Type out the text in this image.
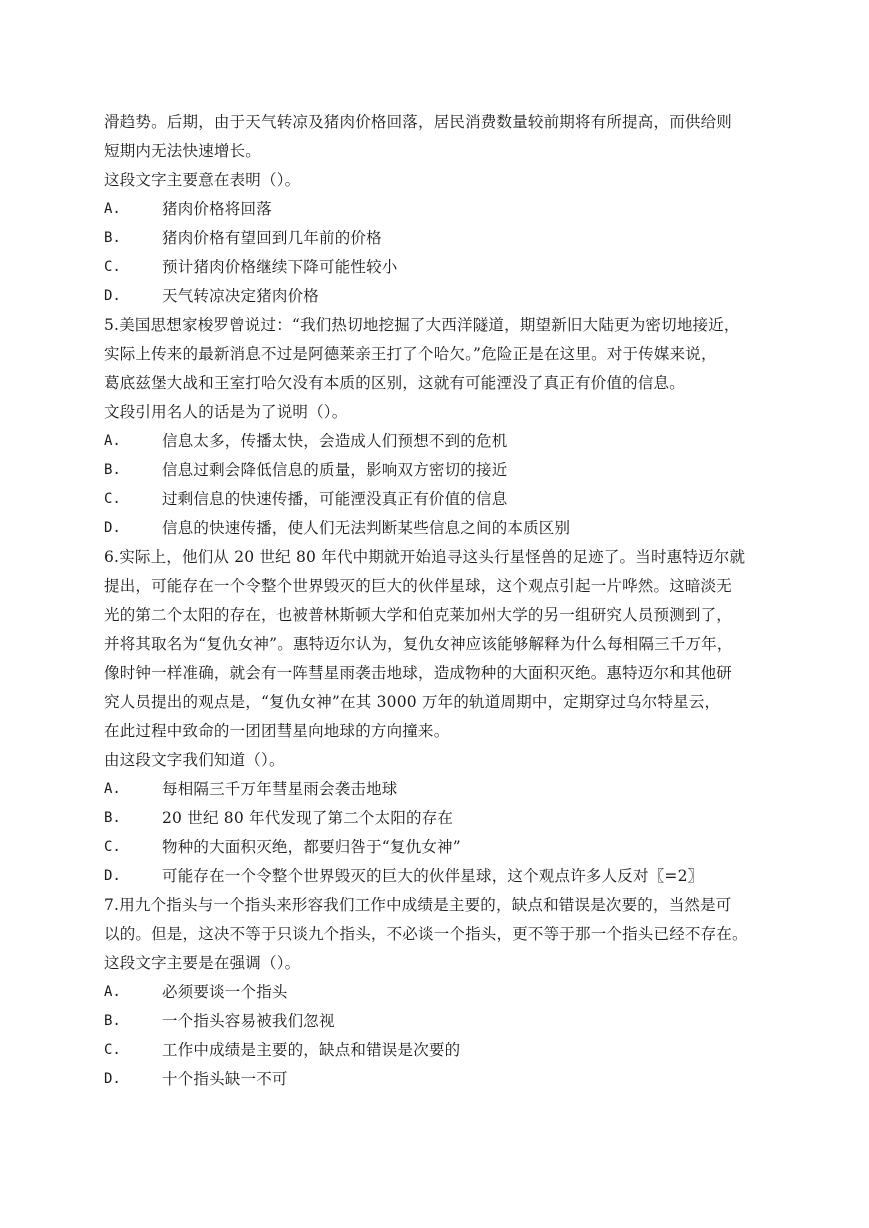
滑趋势。后期，由于天气转凉及猪肉价格回落，居民消费数量较前期将有所提高，而供给则
短期内无法快速增长。
这段文字主要意在表明（）。
A.	猪肉价格将回落
B.	猪肉价格有望回到几年前的价格
C.	预计猪肉价格继续下降可能性较小
D.	天气转凉决定猪肉价格
5.美国思想家梭罗曾说过：“我们热切地挖掘了大西洋隧道，期望新旧大陆更为密切地接近，
实际上传来的最新消息不过是阿德莱亲王打了个哈欠。”危险正是在这里。对于传媒来说，
葛底兹堡大战和王室打哈欠没有本质的区别，这就有可能湮没了真正有价值的信息。
文段引用名人的话是为了说明（）。
A.	信息太多，传播太快，会造成人们预想不到的危机
B.	信息过剩会降低信息的质量，影响双方密切的接近
C.	过剩信息的快速传播，可能湮没真正有价值的信息
D.	信息的快速传播，使人们无法判断某些信息之间的本质区别
6.实际上，他们从 20 世纪 80 年代中期就开始追寻这头行星怪兽的足迹了。当时惠特迈尔就
提出，可能存在一个令整个世界毁灭的巨大的伙伴星球，这个观点引起一片哗然。这暗淡无
光的第二个太阳的存在，也被普林斯顿大学和伯克莱加州大学的另一组研究人员预测到了，
并将其取名为“复仇女神”。惠特迈尔认为，复仇女神应该能够解释为什么每相隔三千万年，
像时钟一样准确，就会有一阵彗星雨袭击地球，造成物种的大面积灭绝。惠特迈尔和其他研
究人员提出的观点是，“复仇女神”在其 3000 万年的轨道周期中，定期穿过乌尔特星云，
在此过程中致命的一团团彗星向地球的方向撞来。
由这段文字我们知道（）。
A.	每相隔三千万年彗星雨会袭击地球
B.	20 世纪 80 年代发现了第二个太阳的存在
C.	物种的大面积灭绝，都要归咎于“复仇女神”
D.	可能存在一个令整个世界毁灭的巨大的伙伴星球，这个观点许多人反对〖=2〗
7.用九个指头与一个指头来形容我们工作中成绩是主要的，缺点和错误是次要的，当然是可
以的。但是，这决不等于只谈九个指头，不必谈一个指头，更不等于那一个指头已经不存在。
这段文字主要是在强调（）。
A.	必须要谈一个指头
B.	一个指头容易被我们忽视
C.	工作中成绩是主要的，缺点和错误是次要的
D.	十个指头缺一不可
